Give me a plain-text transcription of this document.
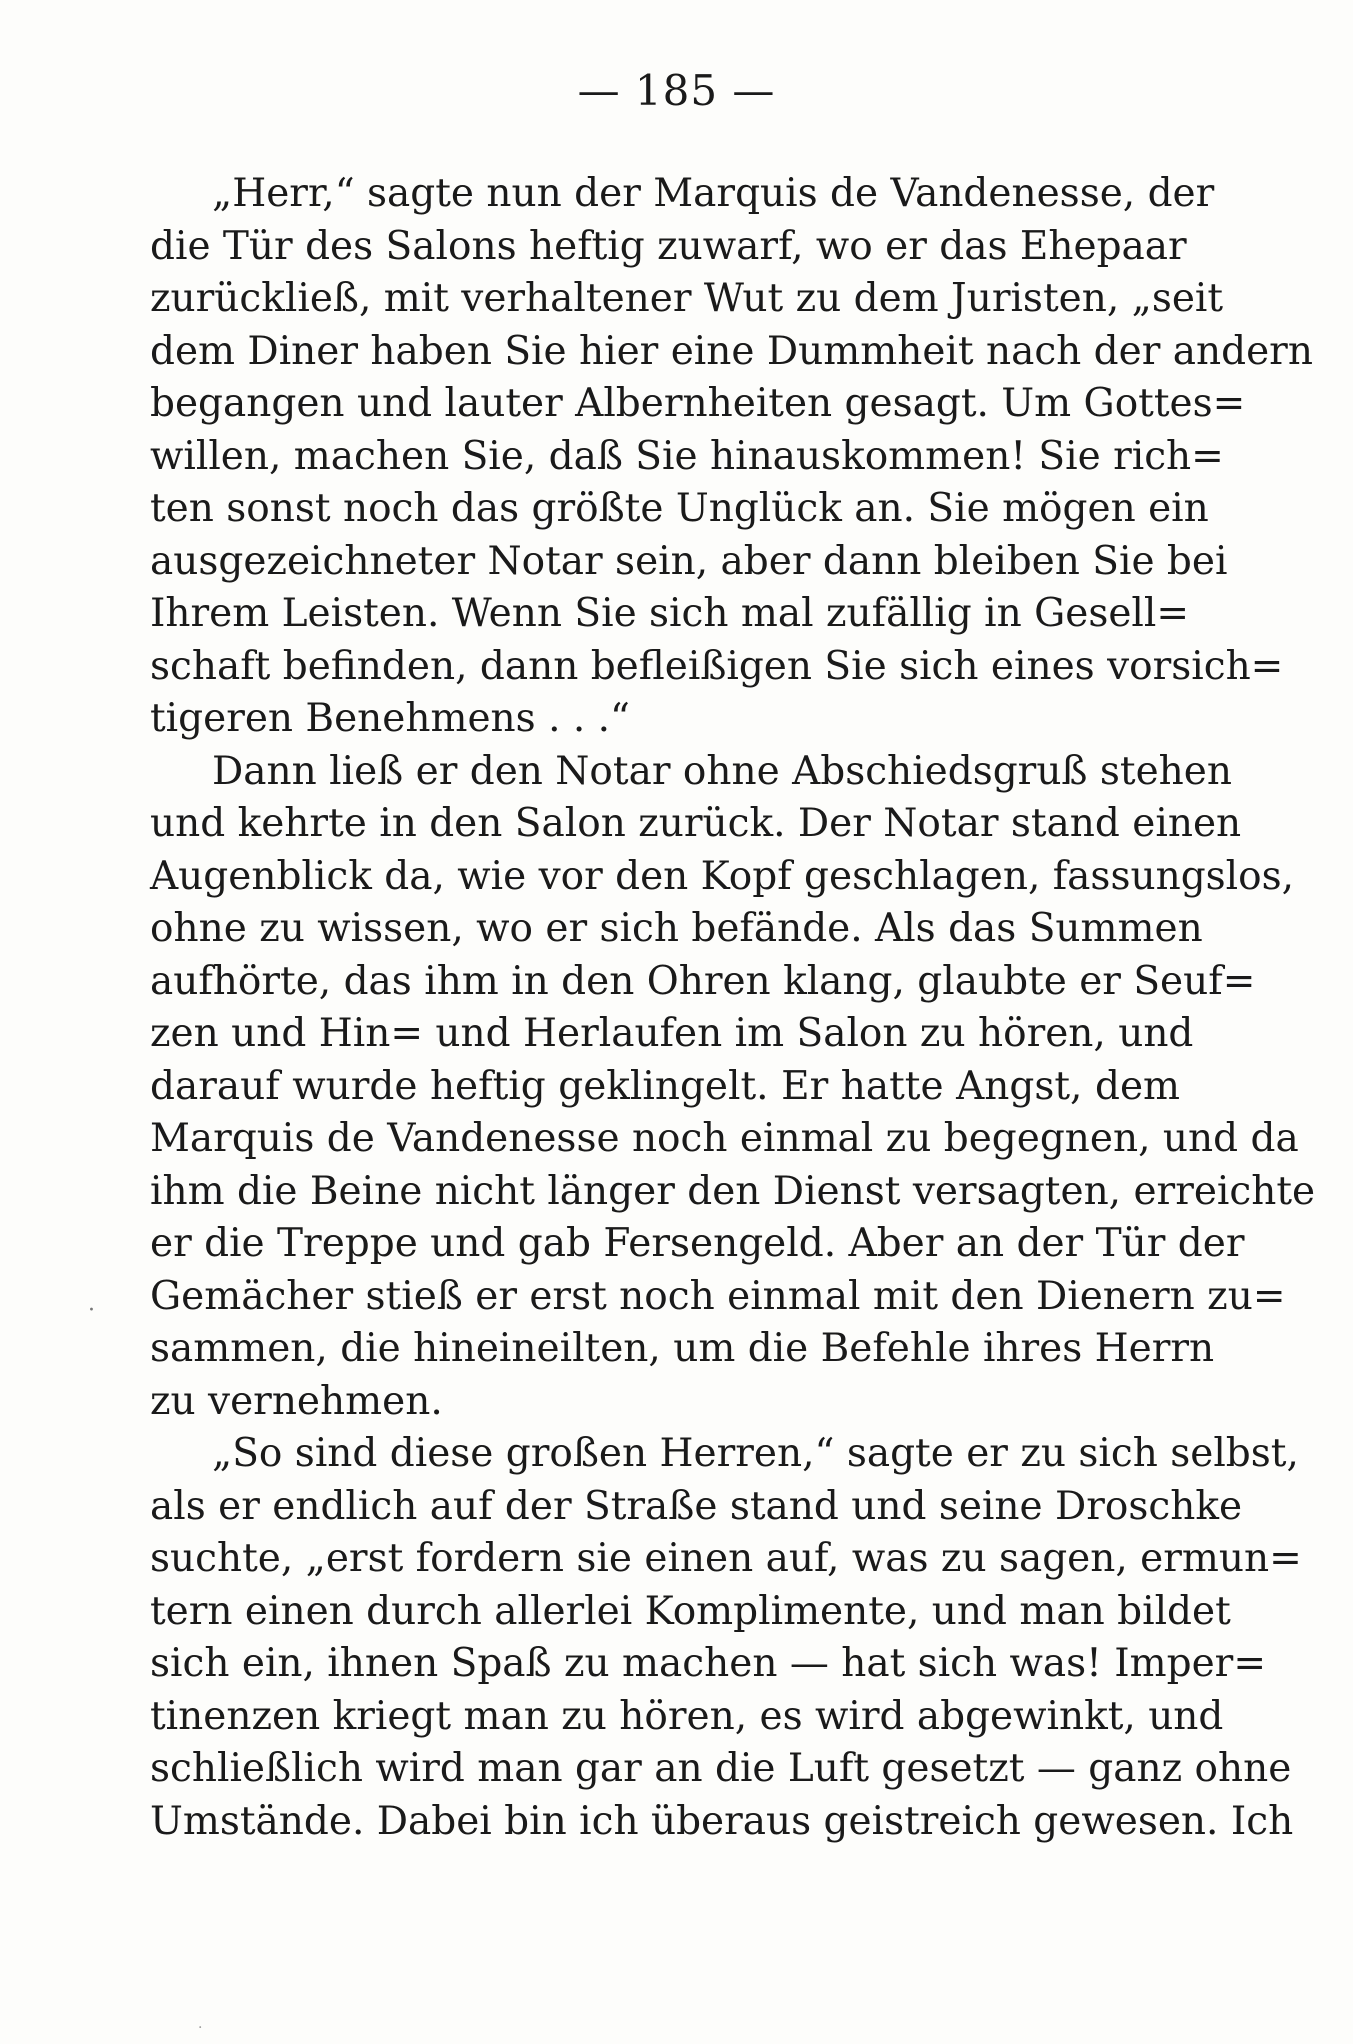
— 185 —
„Herr,“ sagte nun der Marquis de Vandenesse, der
die Tür des Salons heftig zuwarf, wo er das Ehepaar
zurückließ, mit verhaltener Wut zu dem Juristen, „seit
dem Diner haben Sie hier eine Dummheit nach der andern
begangen und lauter Albernheiten gesagt. Um Gottes=
willen, machen Sie, daß Sie hinauskommen! Sie rich=
ten sonst noch das größte Unglück an. Sie mögen ein
ausgezeichneter Notar sein, aber dann bleiben Sie bei
Ihrem Leisten. Wenn Sie sich mal zufällig in Gesell=
schaft befinden, dann befleißigen Sie sich eines vorsich=
tigeren Benehmens . . .“
Dann ließ er den Notar ohne Abschiedsgruß stehen
und kehrte in den Salon zurück. Der Notar stand einen
Augenblick da, wie vor den Kopf geschlagen, fassungslos,
ohne zu wissen, wo er sich befände. Als das Summen
aufhörte, das ihm in den Ohren klang, glaubte er Seuf=
zen und Hin= und Herlaufen im Salon zu hören, und
darauf wurde heftig geklingelt. Er hatte Angst, dem
Marquis de Vandenesse noch einmal zu begegnen, und da
ihm die Beine nicht länger den Dienst versagten, erreichte
er die Treppe und gab Fersengeld. Aber an der Tür der
Gemächer stieß er erst noch einmal mit den Dienern zu=
sammen, die hineineilten, um die Befehle ihres Herrn
zu vernehmen.
„So sind diese großen Herren,“ sagte er zu sich selbst,
als er endlich auf der Straße stand und seine Droschke
suchte, „erst fordern sie einen auf, was zu sagen, ermun=
tern einen durch allerlei Komplimente, und man bildet
sich ein, ihnen Spaß zu machen — hat sich was! Imper=
tinenzen kriegt man zu hören, es wird abgewinkt, und
schließlich wird man gar an die Luft gesetzt — ganz ohne
Umstände. Dabei bin ich überaus geistreich gewesen. Ich
·
·
